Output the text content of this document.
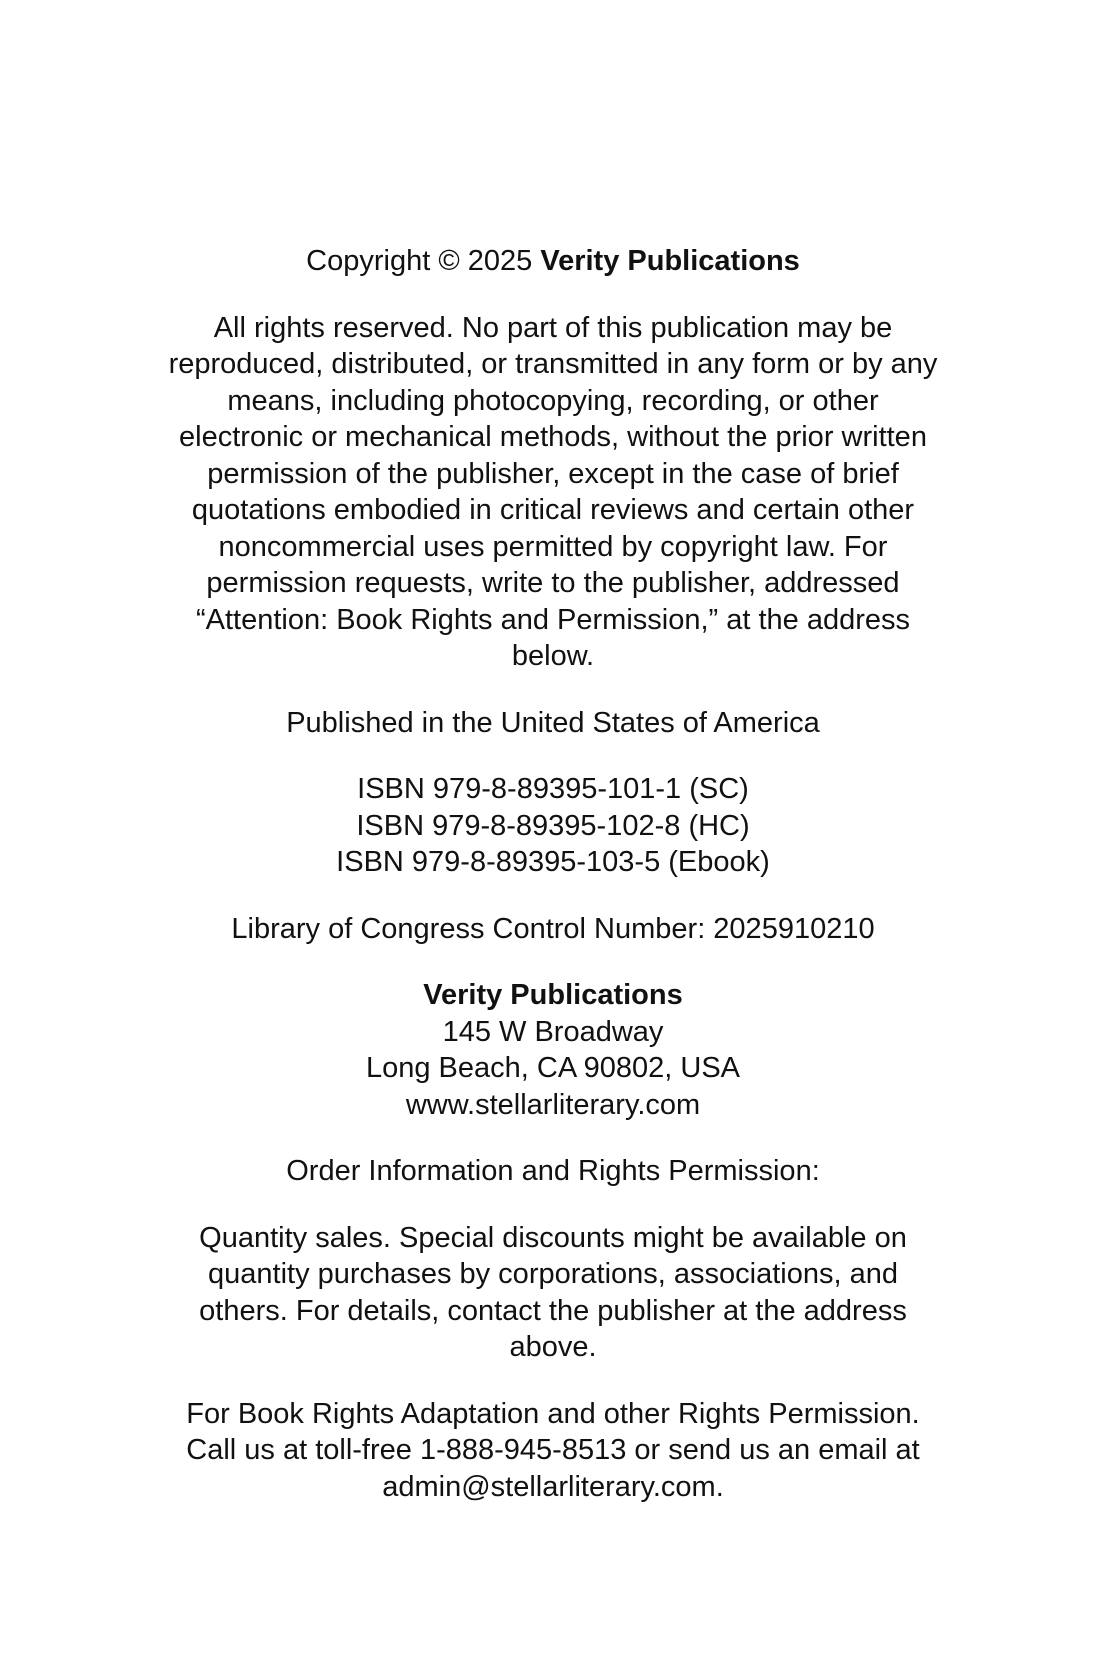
Copyright © 2025 Verity Publications

All rights reserved. No part of this publication may be reproduced, distributed, or transmitted in any form or by any means, including photocopying, recording, or other electronic or mechanical methods, without the prior written permission of the publisher, except in the case of brief quotations embodied in critical reviews and certain other noncommercial uses permitted by copyright law. For permission requests, write to the publisher, addressed “Attention: Book Rights and Permission,” at the address below.

Published in the United States of America

ISBN 979-8-89395-101-1 (SC)
ISBN 979-8-89395-102-8 (HC)
ISBN 979-8-89395-103-5 (Ebook)

Library of Congress Control Number: 2025910210

Verity Publications
145 W Broadway
Long Beach, CA 90802, USA
www.stellarliterary.com

Order Information and Rights Permission:

Quantity sales. Special discounts might be available on quantity purchases by corporations, associations, and others. For details, contact the publisher at the address above.

For Book Rights Adaptation and other Rights Permission.
Call us at toll-free 1-888-945-8513 or send us an email at
admin@stellarliterary.com.
